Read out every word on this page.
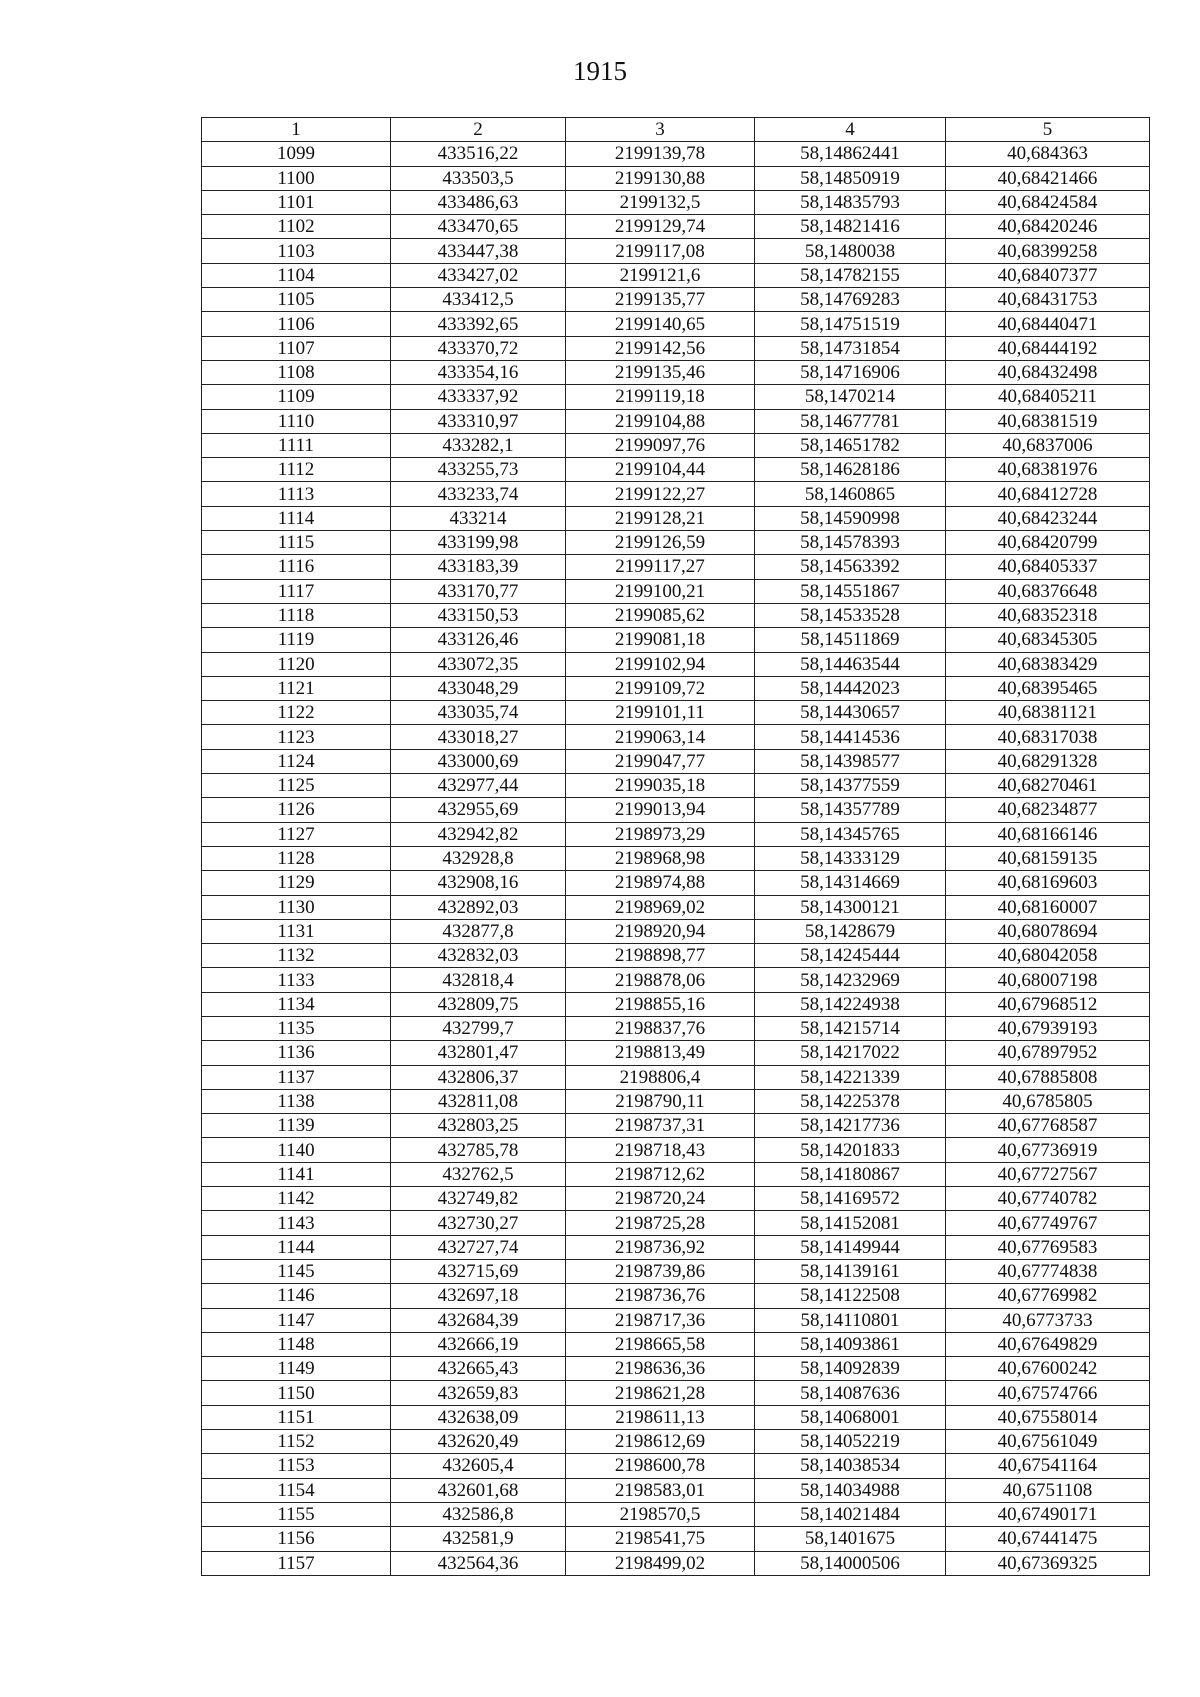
1915
1	2	3	4	5
1099	433516,22	2199139,78	58,14862441	40,684363
1100	433503,5	2199130,88	58,14850919	40,68421466
1101	433486,63	2199132,5	58,14835793	40,68424584
1102	433470,65	2199129,74	58,14821416	40,68420246
1103	433447,38	2199117,08	58,1480038	40,68399258
1104	433427,02	2199121,6	58,14782155	40,68407377
1105	433412,5	2199135,77	58,14769283	40,68431753
1106	433392,65	2199140,65	58,14751519	40,68440471
1107	433370,72	2199142,56	58,14731854	40,68444192
1108	433354,16	2199135,46	58,14716906	40,68432498
1109	433337,92	2199119,18	58,1470214	40,68405211
1110	433310,97	2199104,88	58,14677781	40,68381519
1111	433282,1	2199097,76	58,14651782	40,6837006
1112	433255,73	2199104,44	58,14628186	40,68381976
1113	433233,74	2199122,27	58,1460865	40,68412728
1114	433214	2199128,21	58,14590998	40,68423244
1115	433199,98	2199126,59	58,14578393	40,68420799
1116	433183,39	2199117,27	58,14563392	40,68405337
1117	433170,77	2199100,21	58,14551867	40,68376648
1118	433150,53	2199085,62	58,14533528	40,68352318
1119	433126,46	2199081,18	58,14511869	40,68345305
1120	433072,35	2199102,94	58,14463544	40,68383429
1121	433048,29	2199109,72	58,14442023	40,68395465
1122	433035,74	2199101,11	58,14430657	40,68381121
1123	433018,27	2199063,14	58,14414536	40,68317038
1124	433000,69	2199047,77	58,14398577	40,68291328
1125	432977,44	2199035,18	58,14377559	40,68270461
1126	432955,69	2199013,94	58,14357789	40,68234877
1127	432942,82	2198973,29	58,14345765	40,68166146
1128	432928,8	2198968,98	58,14333129	40,68159135
1129	432908,16	2198974,88	58,14314669	40,68169603
1130	432892,03	2198969,02	58,14300121	40,68160007
1131	432877,8	2198920,94	58,1428679	40,68078694
1132	432832,03	2198898,77	58,14245444	40,68042058
1133	432818,4	2198878,06	58,14232969	40,68007198
1134	432809,75	2198855,16	58,14224938	40,67968512
1135	432799,7	2198837,76	58,14215714	40,67939193
1136	432801,47	2198813,49	58,14217022	40,67897952
1137	432806,37	2198806,4	58,14221339	40,67885808
1138	432811,08	2198790,11	58,14225378	40,6785805
1139	432803,25	2198737,31	58,14217736	40,67768587
1140	432785,78	2198718,43	58,14201833	40,67736919
1141	432762,5	2198712,62	58,14180867	40,67727567
1142	432749,82	2198720,24	58,14169572	40,67740782
1143	432730,27	2198725,28	58,14152081	40,67749767
1144	432727,74	2198736,92	58,14149944	40,67769583
1145	432715,69	2198739,86	58,14139161	40,67774838
1146	432697,18	2198736,76	58,14122508	40,67769982
1147	432684,39	2198717,36	58,14110801	40,6773733
1148	432666,19	2198665,58	58,14093861	40,67649829
1149	432665,43	2198636,36	58,14092839	40,67600242
1150	432659,83	2198621,28	58,14087636	40,67574766
1151	432638,09	2198611,13	58,14068001	40,67558014
1152	432620,49	2198612,69	58,14052219	40,67561049
1153	432605,4	2198600,78	58,14038534	40,67541164
1154	432601,68	2198583,01	58,14034988	40,6751108
1155	432586,8	2198570,5	58,14021484	40,67490171
1156	432581,9	2198541,75	58,1401675	40,67441475
1157	432564,36	2198499,02	58,14000506	40,67369325
